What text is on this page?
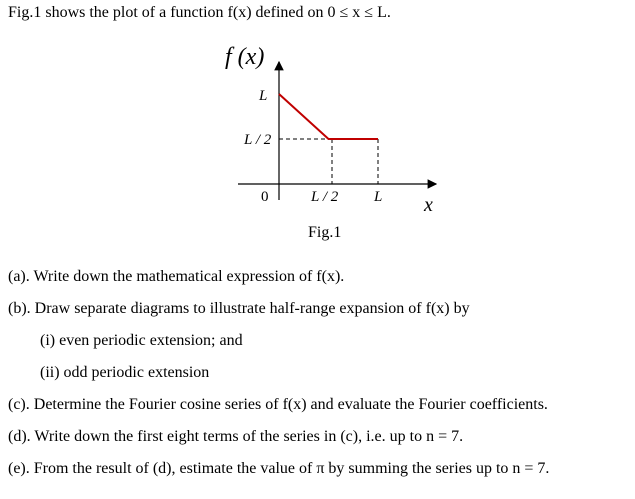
Fig.1 shows the plot of a function f(x) defined on 0 ≤ x ≤ L.
f (x)
L
L / 2
0	L / 2 L x
Fig.1
(a). Write down the mathematical expression of f(x).
(b). Draw separate diagrams to illustrate half-range expansion of f(x) by
(i) even periodic extension; and
(ii) odd periodic extension
(c). Determine the Fourier cosine series of f(x) and evaluate the Fourier coefficients.
(d). Write down the first eight terms of the series in (c), i.e. up to n = 7.
(e). From the result of (d), estimate the value of π by summing the series up to n = 7.
